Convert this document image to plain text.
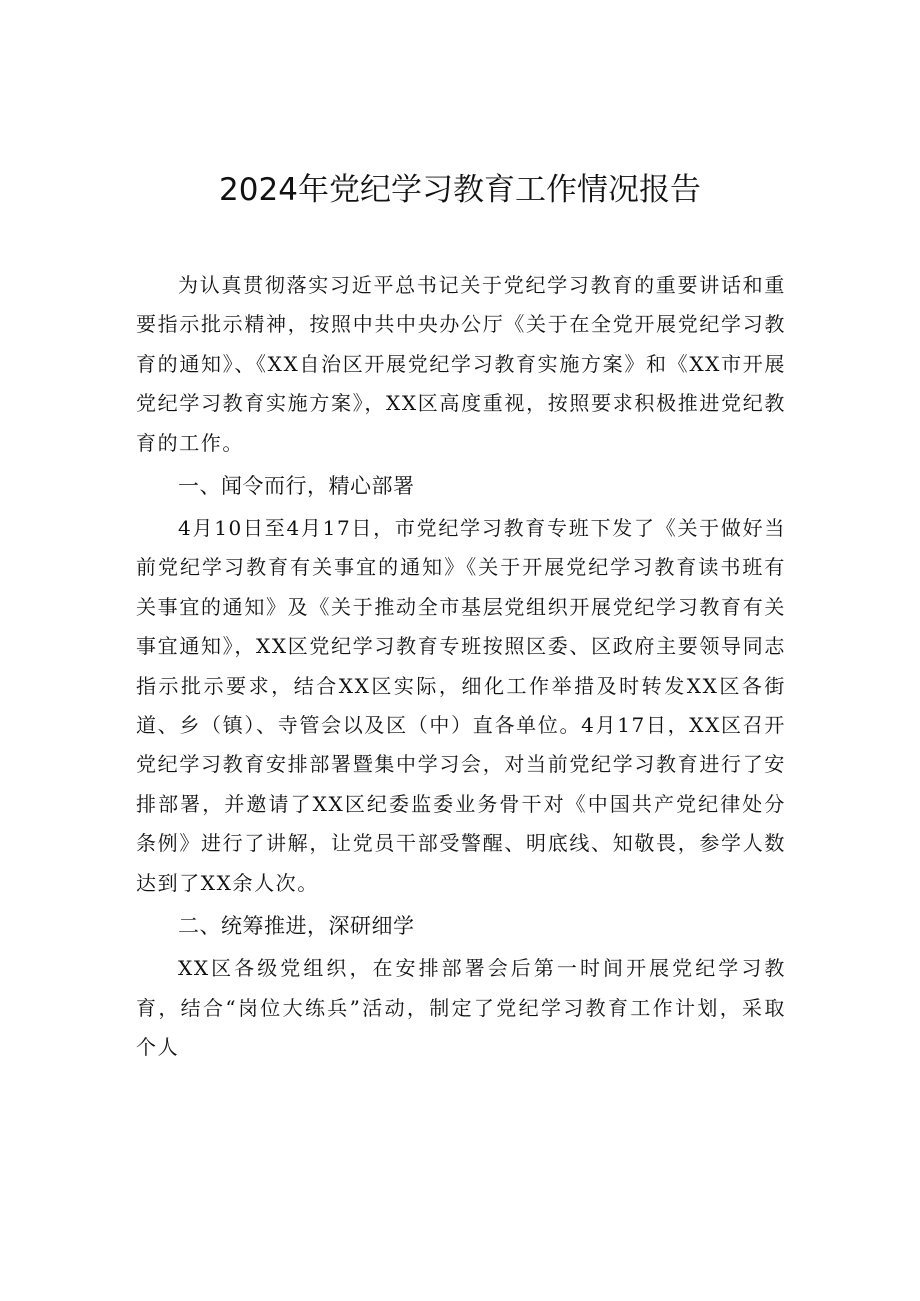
2024年党纪学习教育工作情况报告

为认真贯彻落实习近平总书记关于党纪学习教育的重要讲话和重要指示批示精神，按照中共中央办公厅《关于在全党开展党纪学习教育的通知》、《XX自治区开展党纪学习教育实施方案》和《XX市开展党纪学习教育实施方案》，XX区高度重视，按照要求积极推进党纪教育的工作。

一、闻令而行，精心部署

4月10日至4月17日，市党纪学习教育专班下发了《关于做好当前党纪学习教育有关事宜的通知》《关于开展党纪学习教育读书班有关事宜的通知》及《关于推动全市基层党组织开展党纪学习教育有关事宜通知》，XX区党纪学习教育专班按照区委、区政府主要领导同志指示批示要求，结合XX区实际，细化工作举措及时转发XX区各街道、乡（镇）、寺管会以及区（中）直各单位。4月17日，XX区召开党纪学习教育安排部署暨集中学习会，对当前党纪学习教育进行了安排部署，并邀请了XX区纪委监委业务骨干对《中国共产党纪律处分条例》进行了讲解，让党员干部受警醒、明底线、知敬畏，参学人数达到了XX余人次。

二、统筹推进，深研细学

XX区各级党组织，在安排部署会后第一时间开展党纪学习教育，结合“岗位大练兵”活动，制定了党纪学习教育工作计划，采取个人
